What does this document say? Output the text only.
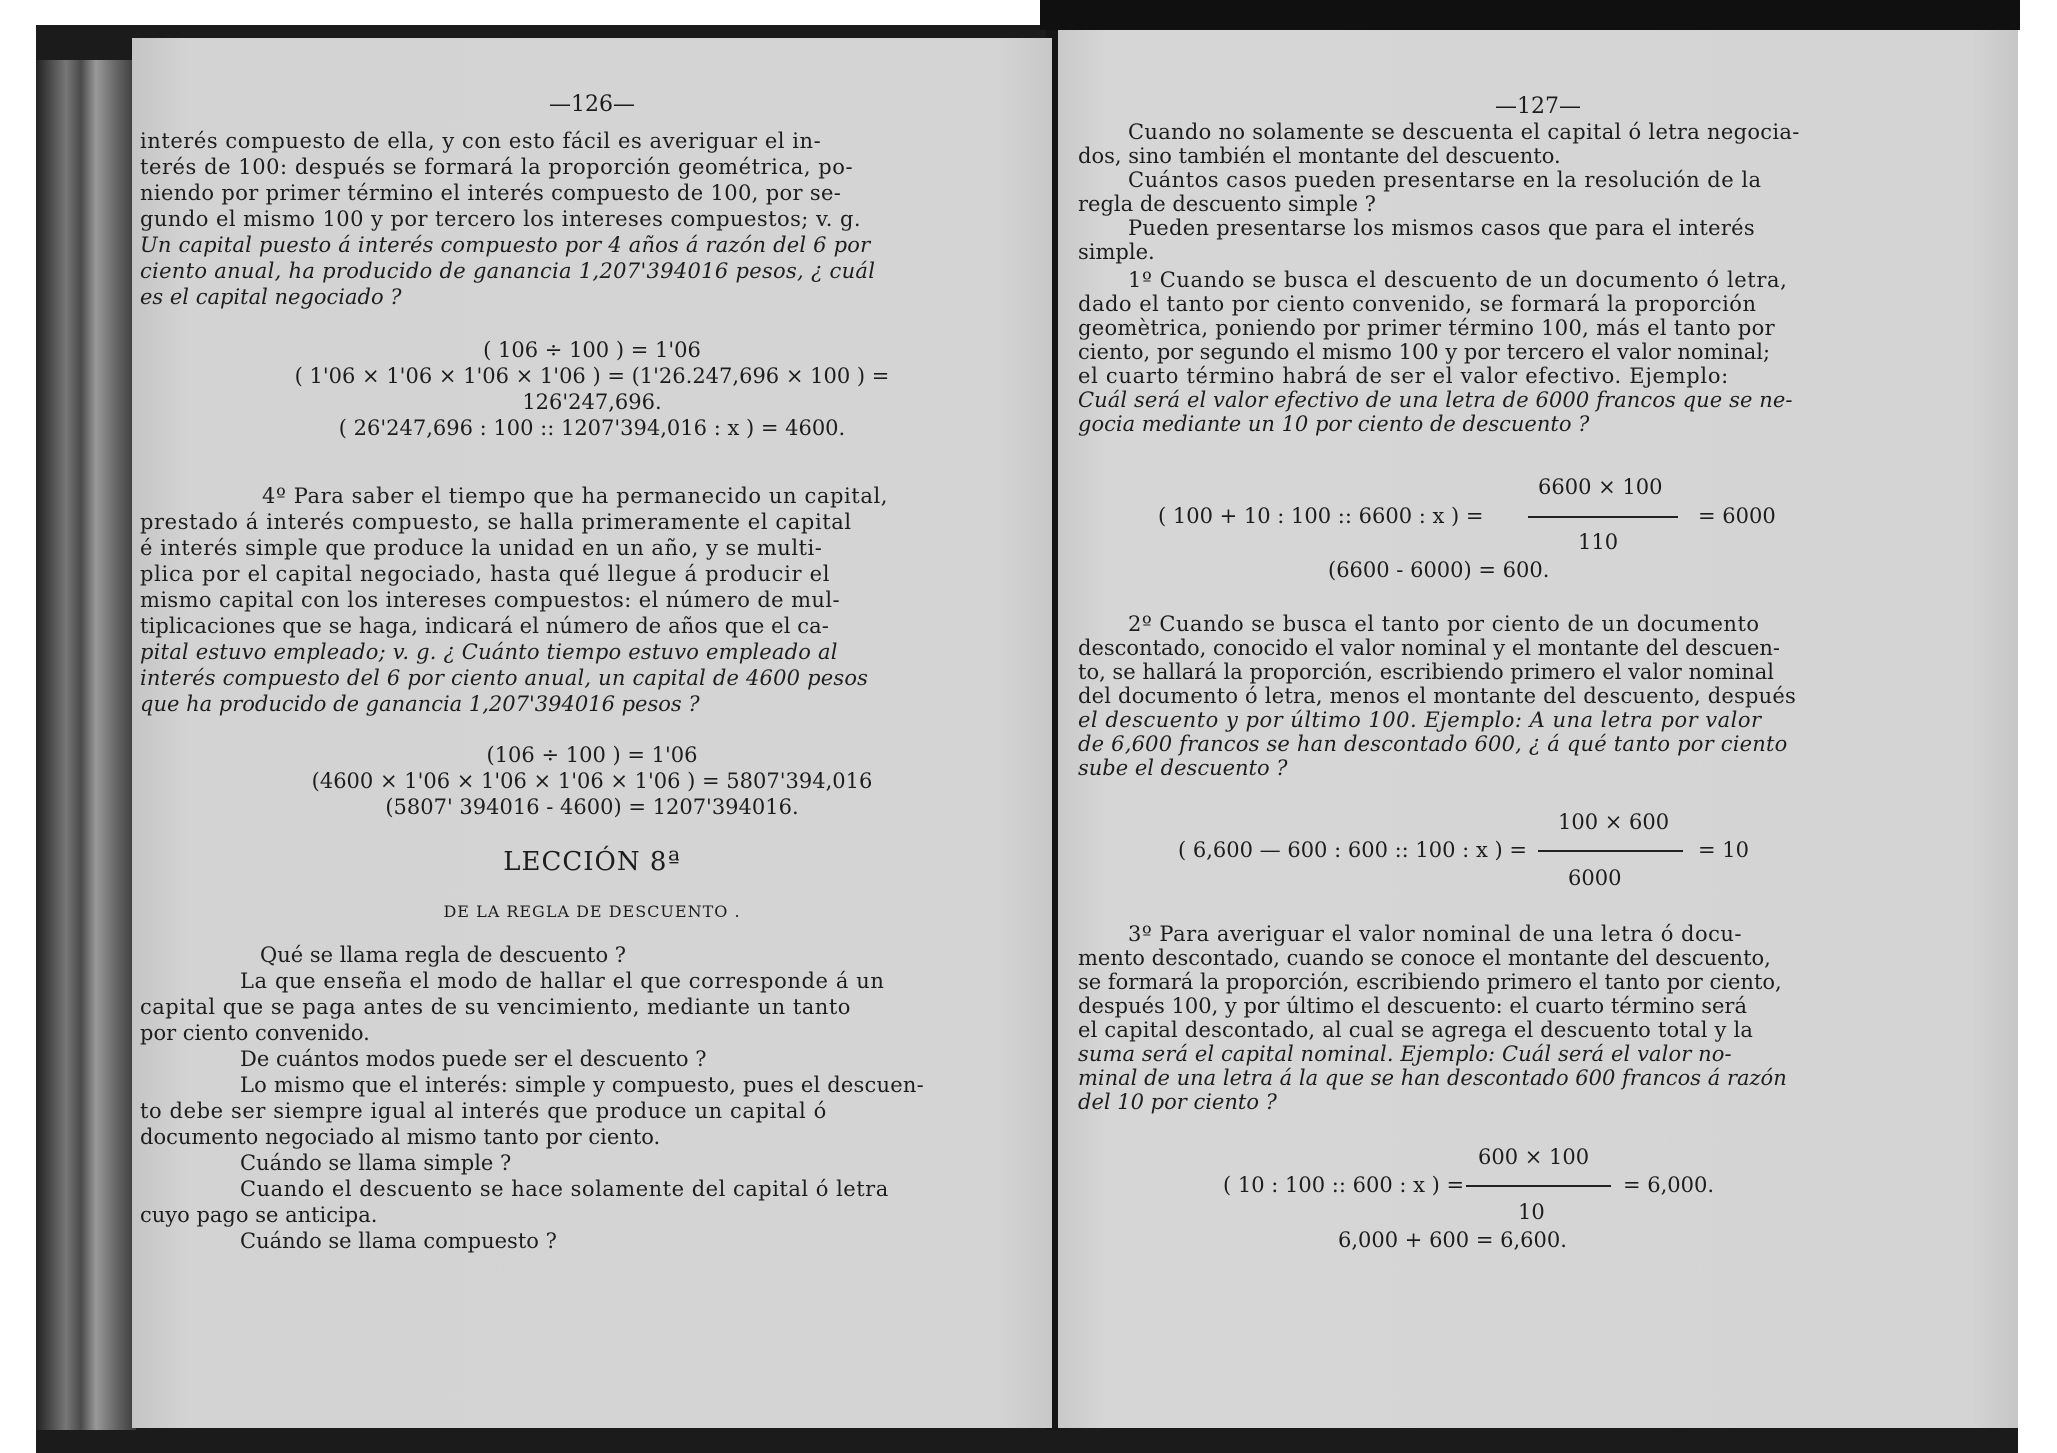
—126—
interés compuesto de ella, y con esto fácil es averiguar el in-
terés de 100: después se formará la proporción geométrica, po-
niendo por primer término el interés compuesto de 100, por se-
gundo el mismo 100 y por tercero los intereses compuestos; v. g.
Un capital puesto á interés compuesto por 4 años á razón del 6 por
ciento anual, ha producido de ganancia 1,207'394016 pesos, ¿ cuál
es el capital negociado ?
( 106 ÷ 100 ) = 1'06
( 1'06 × 1'06 × 1'06 × 1'06 ) = (1'26.247,696 × 100 ) =
126'247,696.
( 26'247,696 : 100 :: 1207'394,016 : x ) = 4600.
4º Para saber el tiempo que ha permanecido un capital,
prestado á interés compuesto, se halla primeramente el capital
é interés simple que produce la unidad en un año, y se multi-
plica por el capital negociado, hasta qué llegue á producir el
mismo capital con los intereses compuestos: el número de mul-
tiplicaciones que se haga, indicará el número de años que el ca-
pital estuvo empleado; v. g. ¿ Cuánto tiempo estuvo empleado al
interés compuesto del 6 por ciento anual, un capital de 4600 pesos
que ha producido de ganancia 1,207'394016 pesos ?
(106 ÷ 100 ) = 1'06
(4600 × 1'06 × 1'06 × 1'06 × 1'06 ) = 5807'394,016
(5807' 394016 - 4600) = 1207'394016.
LECCIÓN 8ª
DE LA REGLA DE DESCUENTO .
Qué se llama regla de descuento ?
La que enseña el modo de hallar el que corresponde á un
capital que se paga antes de su vencimiento, mediante un tanto
por ciento convenido.
De cuántos modos puede ser el descuento ?
Lo mismo que el interés: simple y compuesto, pues el descuen-
to debe ser siempre igual al interés que produce un capital ó
documento negociado al mismo tanto por ciento.
Cuándo se llama simple ?
Cuando el descuento se hace solamente del capital ó letra
cuyo pago se anticipa.
Cuándo se llama compuesto ?
—127—
Cuando no solamente se descuenta el capital ó letra negocia-
dos, sino también el montante del descuento.
Cuántos casos pueden presentarse en la resolución de la
regla de descuento simple ?
Pueden presentarse los mismos casos que para el interés
simple.
1º Cuando se busca el descuento de un documento ó letra,
dado el tanto por ciento convenido, se formará la proporción
geomètrica, poniendo por primer término 100, más el tanto por
ciento, por segundo el mismo 100 y por tercero el valor nominal;
el cuarto término habrá de ser el valor efectivo. Ejemplo:
Cuál será el valor efectivo de una letra de 6000 francos que se ne-
gocia mediante un 10 por ciento de descuento ?
6600 × 100
( 100 + 10 : 100 :: 6600 : x ) =	= 6000
110
(6600 - 6000) = 600.
2º Cuando se busca el tanto por ciento de un documento
descontado, conocido el valor nominal y el montante del descuen-
to, se hallará la proporción, escribiendo primero el valor nominal
del documento ó letra, menos el montante del descuento, después
el descuento y por último 100. Ejemplo: A una letra por valor
de 6,600 francos se han descontado 600, ¿ á qué tanto por ciento
sube el descuento ?
100 × 600
( 6,600 — 600 : 600 :: 100 : x ) =	= 10
6000
3º Para averiguar el valor nominal de una letra ó docu-
mento descontado, cuando se conoce el montante del descuento,
se formará la proporción, escribiendo primero el tanto por ciento,
después 100, y por último el descuento: el cuarto término será
el capital descontado, al cual se agrega el descuento total y la
suma será el capital nominal. Ejemplo: Cuál será el valor no-
minal de una letra á la que se han descontado 600 francos á razón
del 10 por ciento ?
600 × 100
( 10 : 100 :: 600 : x ) =	= 6,000.
10
6,000 + 600 = 6,600.
